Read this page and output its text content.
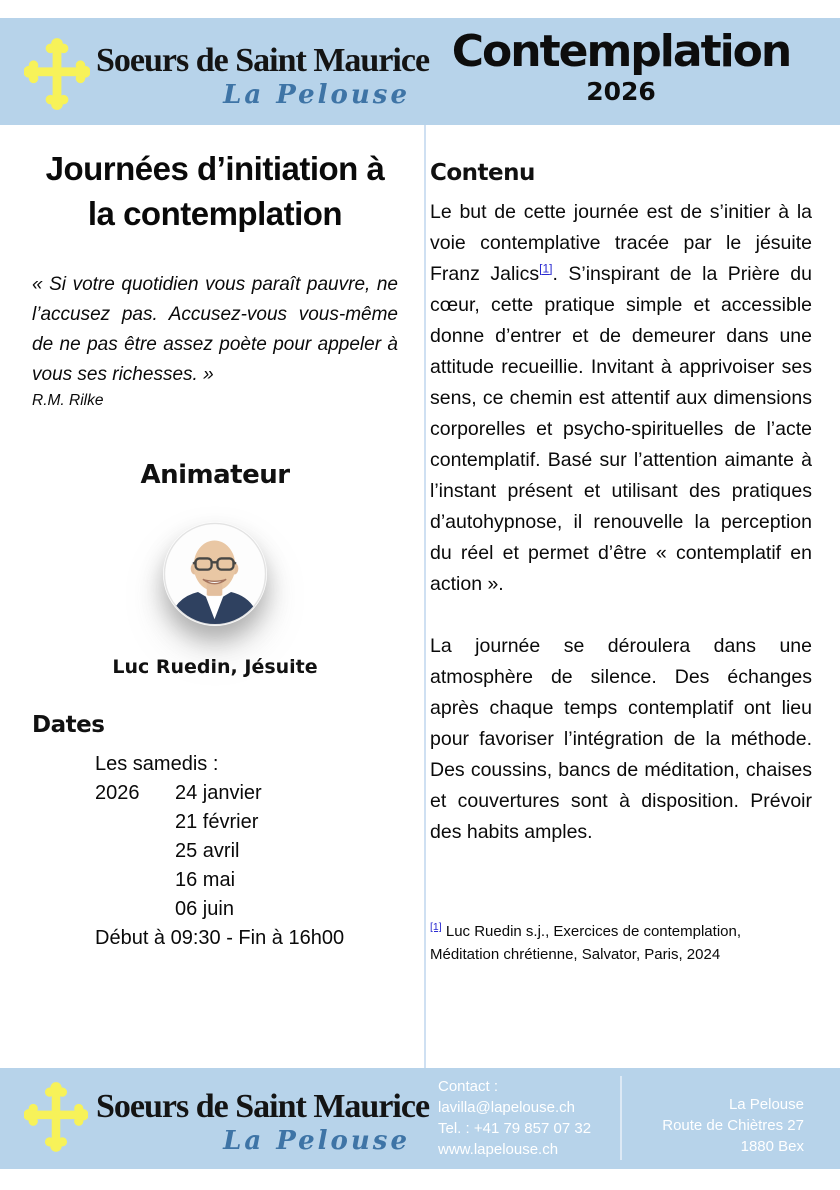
Soeurs de Saint Maurice
La Pelouse
Contemplation
2026
Journées d’initiation à la contemplation

« Si votre quotidien vous paraît pauvre, ne l’accusez pas. Accusez-vous vous-même de ne pas être assez poète pour appeler à vous ses richesses. »

R.M. Rilke

Animateur
Luc Ruedin, Jésuite
Dates
Les samedis :
2026	24 janvier
21 février
25 avril
16 mai
06 juin
Début à 09:30 - Fin à 16h00
Contenu

Le but de cette journée est de s’initier à la voie contemplative tracée par le jésuite Franz Jalics[1]. S’inspirant de la Prière du cœur, cette pratique simple et accessible donne d’entrer et de demeurer dans une attitude recueillie. Invitant à apprivoiser ses sens, ce chemin est attentif aux dimensions corporelles et psycho-spirituelles de l’acte contemplatif. Basé sur l’attention aimante à l’instant présent et utilisant des pratiques d’autohypnose, il renouvelle la perception du réel et permet d’être « contemplatif en action ».

La journée se déroulera dans une atmosphère de silence. Des échanges après chaque temps contemplatif ont lieu pour favoriser l’intégration de la méthode. Des coussins, bancs de méditation, chaises et couvertures sont à disposition. Prévoir des habits amples.

[1] Luc Ruedin s.j., Exercices de contemplation, Méditation chrétienne, Salvator, Paris, 2024
Soeurs de Saint Maurice
La Pelouse
Contact :
lavilla@lapelouse.ch
Tel. : +41 79 857 07 32
www.lapelouse.ch
La Pelouse
Route de Chiètres 27
1880 Bex
